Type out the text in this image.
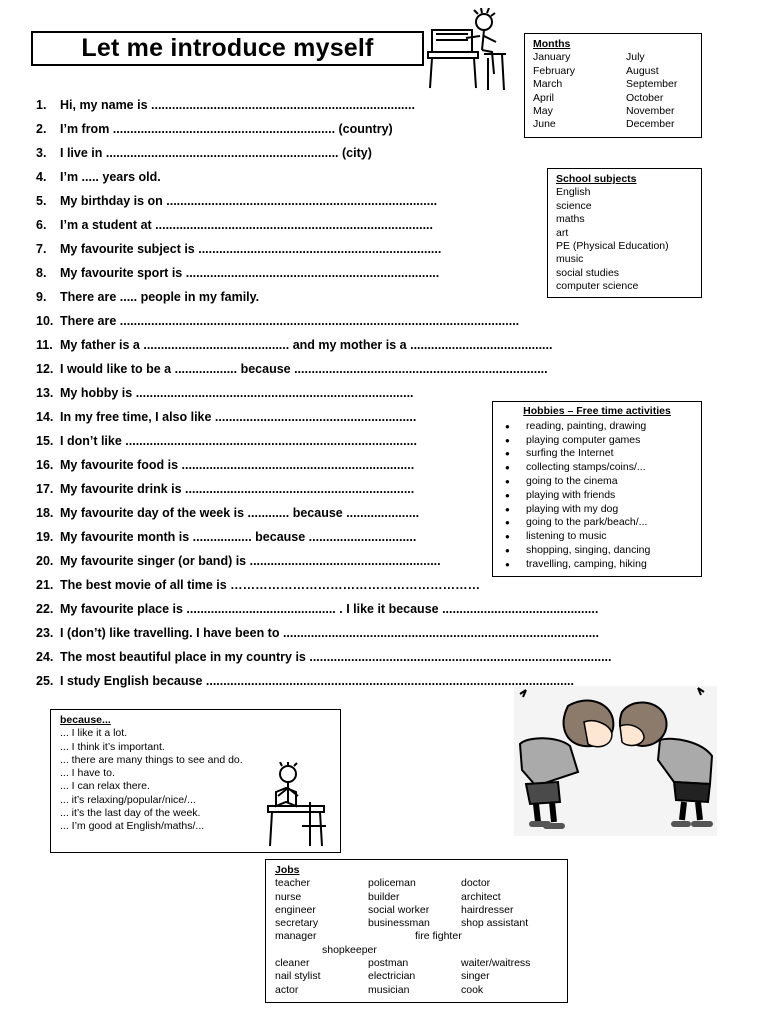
Let me introduce myself	Months
January	July
February	August
March	September
April	October
May	November
June	December
School subjects
English
science
maths
art
PE (Physical Education)
music
social studies
computer science
1. Hi, my name is ............................................................................
2. I’m from ................................................................ (country)
3. I live in ................................................................... (city)
4. I’m ..... years old.
5. My birthday is on ..............................................................................
6. I’m a student at ................................................................................
7. My favourite subject is ......................................................................
8. My favourite sport is .........................................................................
9. There are ..... people in my family.
10. There are ...................................................................................................................
11. My father is a .......................................... and my mother is a .........................................
12. I would like to be a .................. because .........................................................................
13. My hobby is ................................................................................
14. In my free time, I also like ..........................................................
15. I don’t like ....................................................................................
16. My favourite food is ...................................................................
17. My favourite drink is ..................................................................
18. My favourite day of the week is ............ because .....................
19. My favourite month is ................. because ...............................
20. My favourite singer (or band) is .......................................................
21. The best movie of all time is ……………………………………………………
22. My favourite place is ........................................... . I like it because .............................................
23. I (don’t) like travelling. I have been to ...........................................................................................
24. The most beautiful place in my country is .......................................................................................
25. I study English because ..........................................................................................................
Hobbies – Free time activities
● reading, painting, drawing
● playing computer games
● surfing the Internet
● collecting stamps/coins/...
● going to the cinema
● playing with friends
● playing with my dog
● going to the park/beach/...
● listening to music
● shopping, singing, dancing
● travelling, camping, hiking
because...
... I like it a lot.
... I think it’s important.
... there are many things to see and do.
... I have to.
... I can relax there.
... it’s relaxing/popular/nice/...
... it’s the last day of the week.
... I’m good at English/maths/...
Jobs
teacher	policeman	doctor
nurse	builder	architect
engineer	social worker	hairdresser
secretary	businessman	shop assistant
manager	fire fighter
shopkeeper
cleaner	postman	waiter/waitress
nail stylist	electrician	singer
actor	musician	cook
